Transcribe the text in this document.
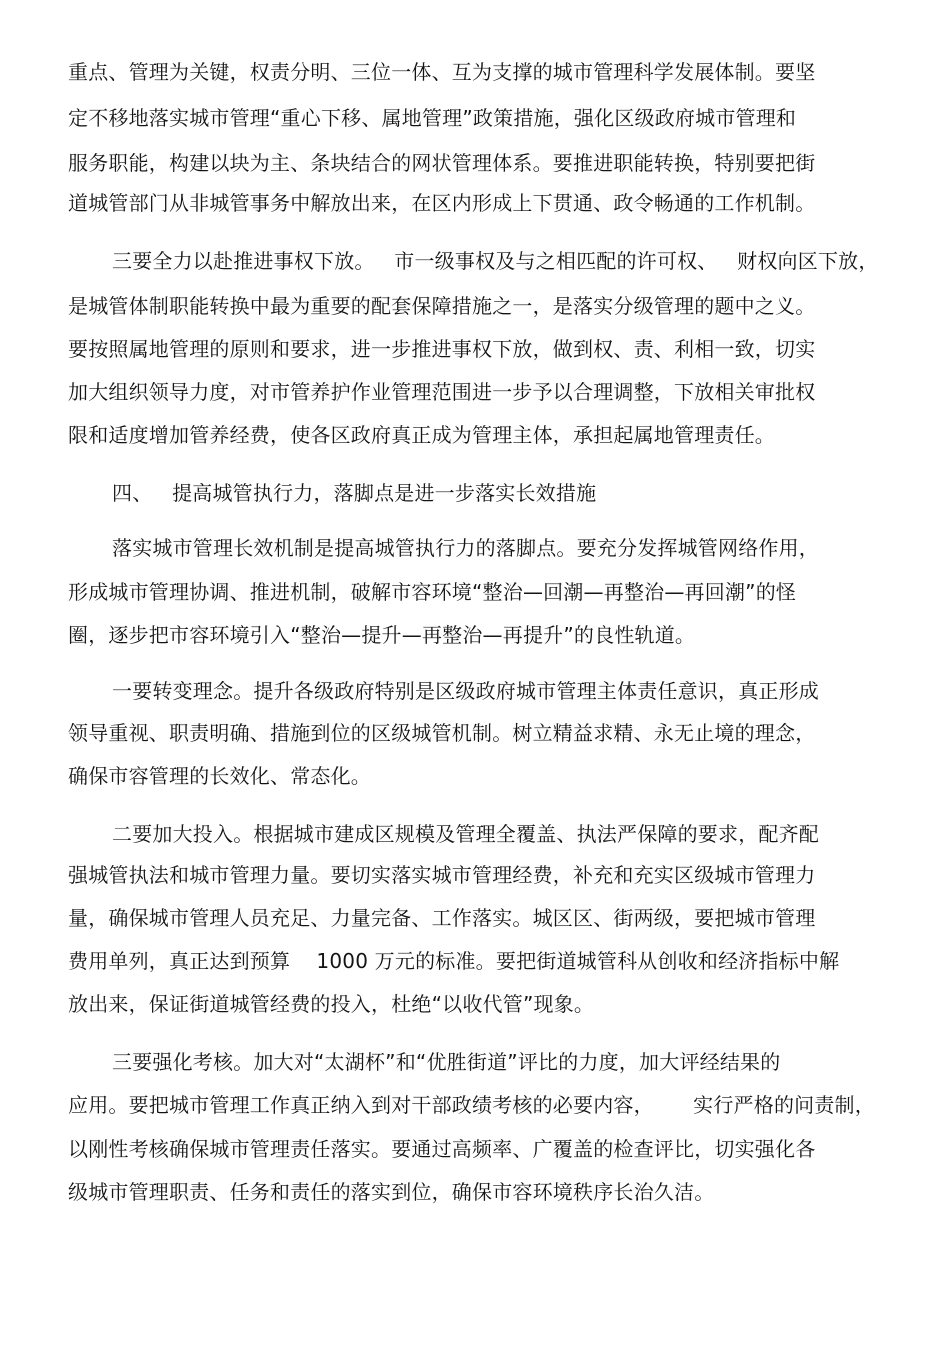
重点、管理为关键，权责分明、三位一体、互为支撑的城市管理科学发展体制。要坚

定不移地落实城市管理“重心下移、属地管理”政策措施，强化区级政府城市管理和

服务职能，构建以块为主、条块结合的网状管理体系。要推进职能转换，特别要把街

道城管部门从非城管事务中解放出来，在区内形成上下贯通、政令畅通的工作机制。

三要全力以赴推进事权下放。   市一级事权及与之相匹配的许可权、   财权向区下放，

是城管体制职能转换中最为重要的配套保障措施之一，是落实分级管理的题中之义。

要按照属地管理的原则和要求，进一步推进事权下放，做到权、责、利相一致，切实

加大组织领导力度，对市管养护作业管理范围进一步予以合理调整，下放相关审批权

限和适度增加管养经费，使各区政府真正成为管理主体，承担起属地管理责任。

四、   提高城管执行力，落脚点是进一步落实长效措施

落实城市管理长效机制是提高城管执行力的落脚点。要充分发挥城管网络作用，

形成城市管理协调、推进机制，破解市容环境“整治—回潮—再整治—再回潮”的怪

圈，逐步把市容环境引入“整治—提升—再整治—再提升”的良性轨道。

一要转变理念。提升各级政府特别是区级政府城市管理主体责任意识，真正形成

领导重视、职责明确、措施到位的区级城管机制。树立精益求精、永无止境的理念，

确保市容管理的长效化、常态化。

二要加大投入。根据城市建成区规模及管理全覆盖、执法严保障的要求，配齐配

强城管执法和城市管理力量。要切实落实城市管理经费，补充和充实区级城市管理力

量，确保城市管理人员充足、力量完备、工作落实。城区区、街两级，要把城市管理

费用单列，真正达到预算    1000 万元的标准。要把街道城管科从创收和经济指标中解

放出来，保证街道城管经费的投入，杜绝“以收代管”现象。

三要强化考核。加大对“太湖杯”和“优胜街道”评比的力度，加大评经结果的

应用。要把城市管理工作真正纳入到对干部政绩考核的必要内容，      实行严格的问责制，

以刚性考核确保城市管理责任落实。要通过高频率、广覆盖的检查评比，切实强化各

级城市管理职责、任务和责任的落实到位，确保市容环境秩序长治久洁。
